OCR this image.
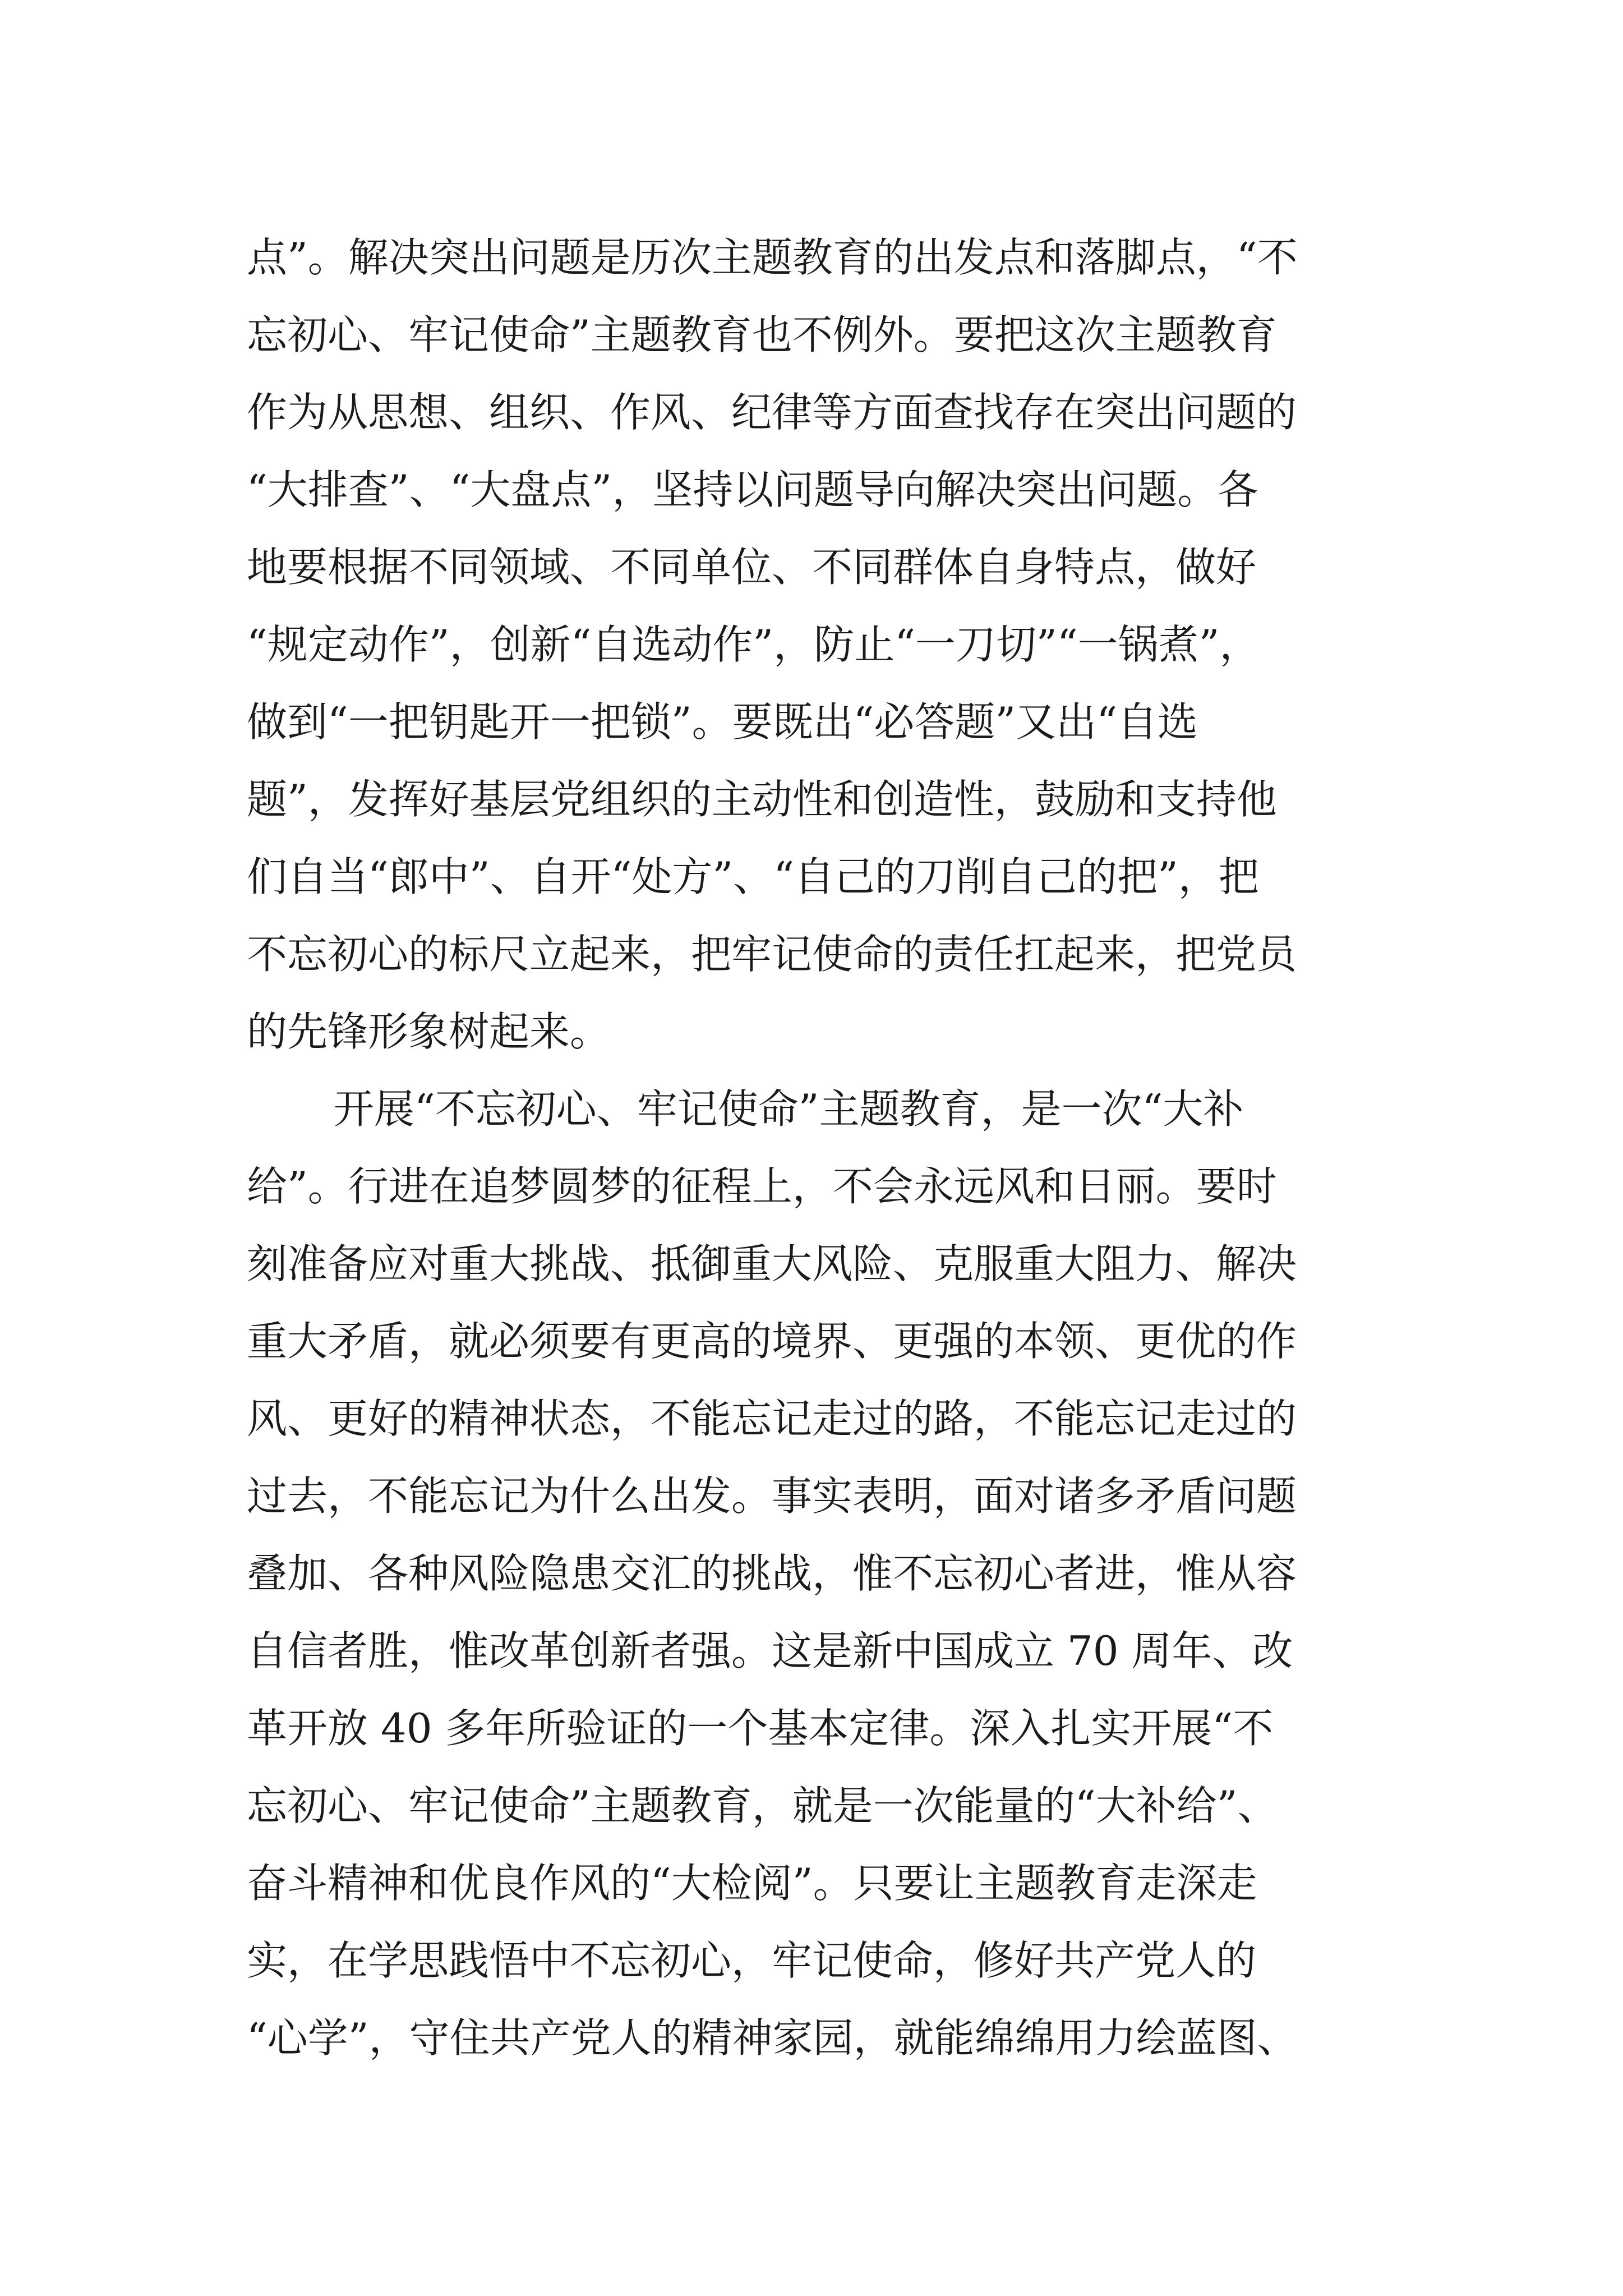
点”。解决突出问题是历次主题教育的出发点和落脚点，“不
忘初心、牢记使命”主题教育也不例外。要把这次主题教育
作为从思想、组织、作风、纪律等方面查找存在突出问题的
“大排查”、“大盘点”，坚持以问题导向解决突出问题。各
地要根据不同领域、不同单位、不同群体自身特点，做好
“规定动作”，创新“自选动作”，防止“一刀切”“一锅煮”，
做到“一把钥匙开一把锁”。要既出“必答题”又出“自选
题”，发挥好基层党组织的主动性和创造性，鼓励和支持他
们自当“郎中”、自开“处方”、“自己的刀削自己的把”，把
不忘初心的标尺立起来，把牢记使命的责任扛起来，把党员
的先锋形象树起来。
开展“不忘初心、牢记使命”主题教育，是一次“大补
给”。行进在追梦圆梦的征程上，不会永远风和日丽。要时
刻准备应对重大挑战、抵御重大风险、克服重大阻力、解决
重大矛盾，就必须要有更高的境界、更强的本领、更优的作
风、更好的精神状态，不能忘记走过的路，不能忘记走过的
过去，不能忘记为什么出发。事实表明，面对诸多矛盾问题
叠加、各种风险隐患交汇的挑战，惟不忘初心者进，惟从容
自信者胜，惟改革创新者强。这是新中国成立 70 周年、改
革开放 40 多年所验证的一个基本定律。深入扎实开展“不
忘初心、牢记使命”主题教育，就是一次能量的“大补给”、
奋斗精神和优良作风的“大检阅”。只要让主题教育走深走
实，在学思践悟中不忘初心，牢记使命，修好共产党人的
“心学”，守住共产党人的精神家园，就能绵绵用力绘蓝图、
